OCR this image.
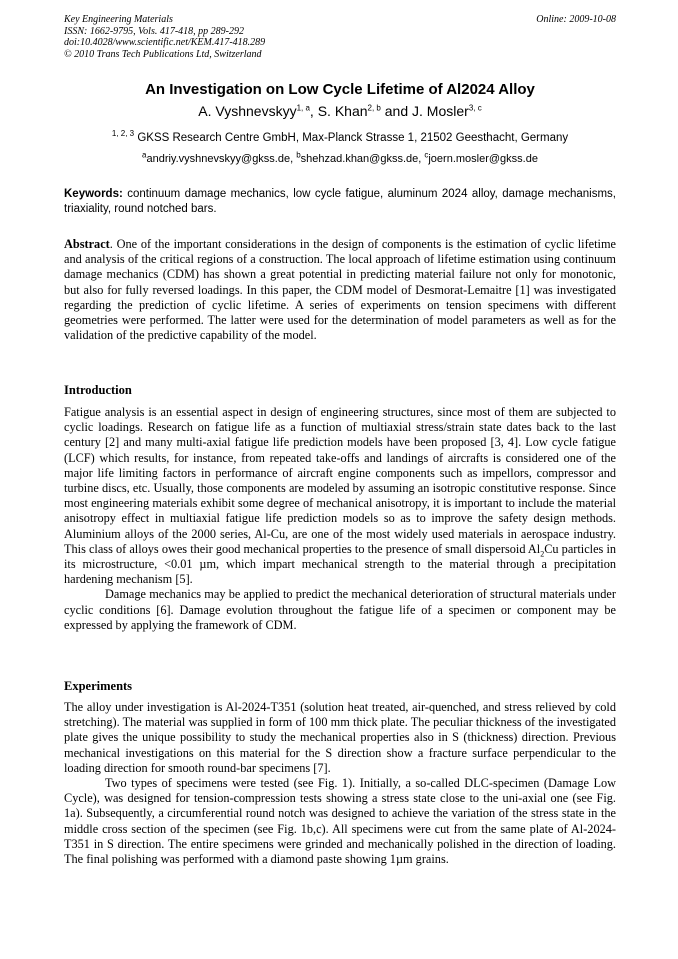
Key Engineering Materials
ISSN: 1662-9795, Vols. 417-418, pp 289-292
doi:10.4028/www.scientific.net/KEM.417-418.289
© 2010 Trans Tech Publications Ltd, Switzerland
Online: 2009-10-08
An Investigation on Low Cycle Lifetime of Al2024 Alloy
A. Vyshnevskyy$^{1, a}$, S. Khan$^{2, b}$ and J. Mosler$^{3, c}$
$^{1, 2, 3}$ GKSS Research Centre GmbH, Max-Planck Strasse 1, 21502 Geesthacht, Germany
$^a$andriy.vyshnevskyy@gkss.de, $^b$shehzad.khan@gkss.de, $^c$joern.mosler@gkss.de
Keywords: continuum damage mechanics, low cycle fatigue, aluminum 2024 alloy, damage mechanisms, triaxiality, round notched bars.

Abstract. One of the important considerations in the design of components is the estimation of cyclic lifetime and analysis of the critical regions of a construction. The local approach of lifetime estimation using continuum damage mechanics (CDM) has shown a great potential in predicting material failure not only for monotonic, but also for fully reversed loadings. In this paper, the CDM model of Desmorat-Lemaitre [1] was investigated regarding the prediction of cyclic lifetime. A series of experiments on tension specimens with different geometries were performed. The latter were used for the determination of model parameters as well as for the validation of the predictive capability of the model.

Introduction

Fatigue analysis is an essential aspect in design of engineering structures, since most of them are subjected to cyclic loadings. Research on fatigue life as a function of multiaxial stress/strain state dates back to the last century [2] and many multi-axial fatigue life prediction models have been proposed [3, 4]. Low cycle fatigue (LCF) which results, for instance, from repeated take-offs and landings of aircrafts is considered one of the major life limiting factors in performance of aircraft engine components such as impellors, compressor and turbine discs, etc. Usually, those components are modeled by assuming an isotropic constitutive response. Since most engineering materials exhibit some degree of mechanical anisotropy, it is important to include the material anisotropy effect in multiaxial fatigue life prediction models so as to improve the safety design methods. Aluminium alloys of the 2000 series, Al-Cu, are one of the most widely used materials in aerospace industry. This class of alloys owes their good mechanical properties to the presence of small dispersoid $Al_2Cu$ particles in its microstructure, <0.01 µm, which impart mechanical strength to the material through a precipitation hardening mechanism [5].

Damage mechanics may be applied to predict the mechanical deterioration of structural materials under cyclic conditions [6]. Damage evolution throughout the fatigue life of a specimen or component may be expressed by applying the framework of CDM.

Experiments

The alloy under investigation is Al-2024-T351 (solution heat treated, air-quenched, and stress relieved by cold stretching). The material was supplied in form of 100 mm thick plate. The peculiar thickness of the investigated plate gives the unique possibility to study the mechanical properties also in S (thickness) direction. Previous mechanical investigations on this material for the S direction show a fracture surface perpendicular to the loading direction for smooth round-bar specimens [7].

Two types of specimens were tested (see Fig. 1). Initially, a so-called DLC-specimen (Damage Low Cycle), was designed for tension-compression tests showing a stress state close to the uni-axial one (see Fig. 1a). Subsequently, a circumferential round notch was designed to achieve the variation of the stress state in the middle cross section of the specimen (see Fig. 1b,c). All specimens were cut from the same plate of Al-2024-T351 in S direction. The entire specimens were grinded and mechanically polished in the direction of loading. The final polishing was performed with a diamond paste showing 1µm grains.
